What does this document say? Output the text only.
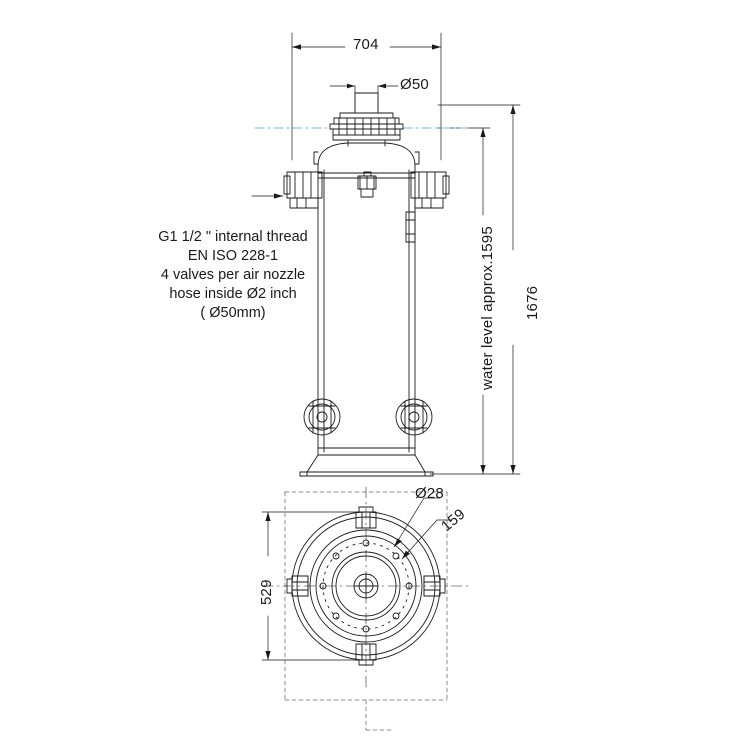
704
Ø50
1676
water level approx.1595
529
Ø28
159
G1 1/2 " internal thread
EN ISO 228-1
4 valves per air nozzle
hose inside Ø2 inch
( Ø50mm)
